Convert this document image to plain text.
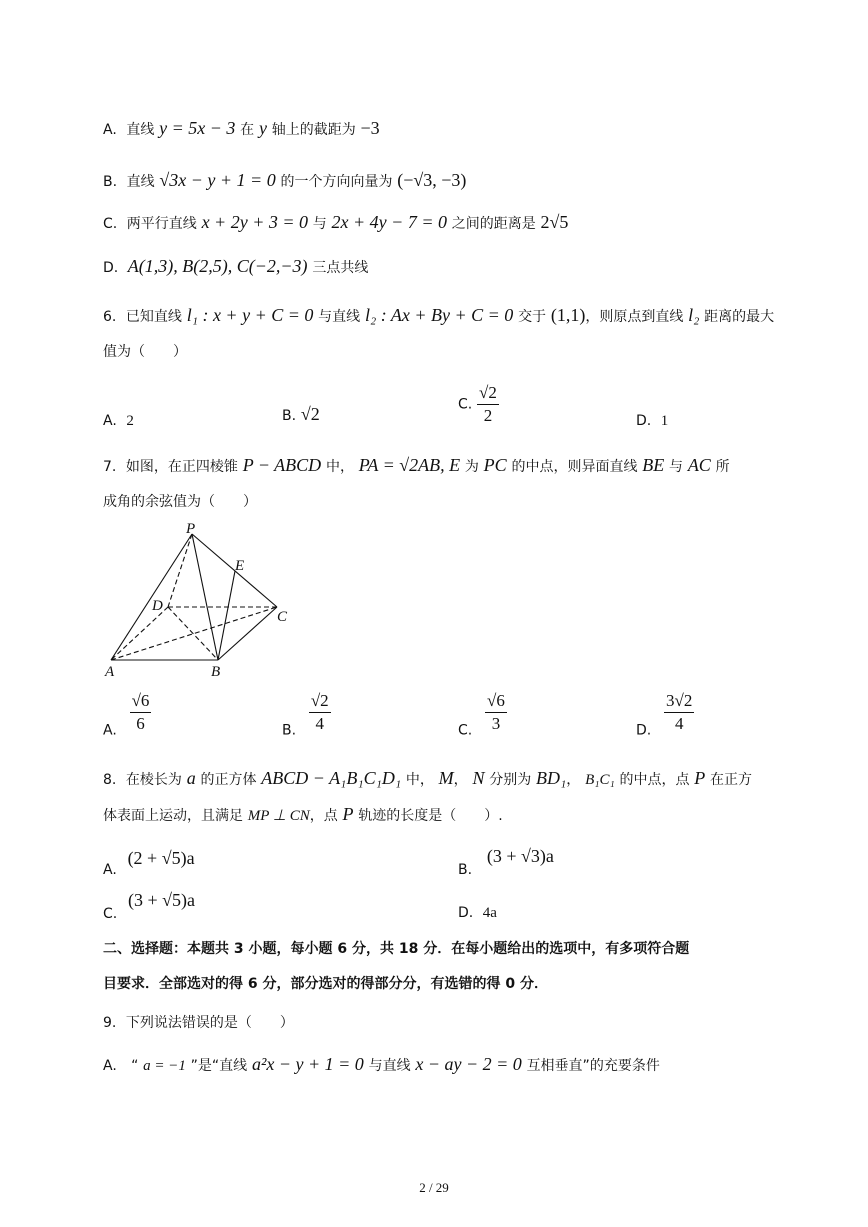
A. 直线 y = 5x − 3 在 y 轴上的截距为 −3
B. 直线 √3x − y + 1 = 0 的一个方向向量为 (−√3, −3)
C. 两平行直线 x + 2y + 3 = 0 与 2x + 4y − 7 = 0 之间的距离是 2√5
D. A(1,3), B(2,5), C(−2,−3) 三点共线
6. 已知直线 l₁ : x + y + C = 0 与直线 l₂ : Ax + By + C = 0 交于 (1,1)，则原点到直线 l₂ 距离的最大
值为（　　）
A. 2	B. √2	C. $\frac{√2}{2}$	D. 1
7. 如图，在正四棱锥 P − ABCD 中， PA = √2AB, E 为 PC 的中点，则异面直线 BE 与 AC 所
成角的余弦值为（　　）
P
E
D
C
A	B
A. $\frac{√6}{6}$	B. $\frac{√2}{4}$	C. $\frac{√6}{3}$	D. $\frac{3√2}{4}$
8. 在棱长为 a 的正方体 ABCD − A₁B₁C₁D₁ 中， M， N 分别为 BD₁， B₁C₁ 的中点，点 P 在正方
体表面上运动，且满足 MP ⊥ CN，点 P 轨迹的长度是（　　）.
A. (2 + √5)a
B. (3 + √3)a
C. (3 + √5)a
D. 4a
二、选择题：本题共 3 小题，每小题 6 分，共 18 分．在每小题给出的选项中，有多项符合题
目要求．全部选对的得 6 分，部分选对的得部分分，有选错的得 0 分．
9. 下列说法错误的是（　　）
A. “ a = −1 ”是“直线 a²x − y + 1 = 0 与直线 x − ay − 2 = 0 互相垂直”的充要条件
2 / 29
